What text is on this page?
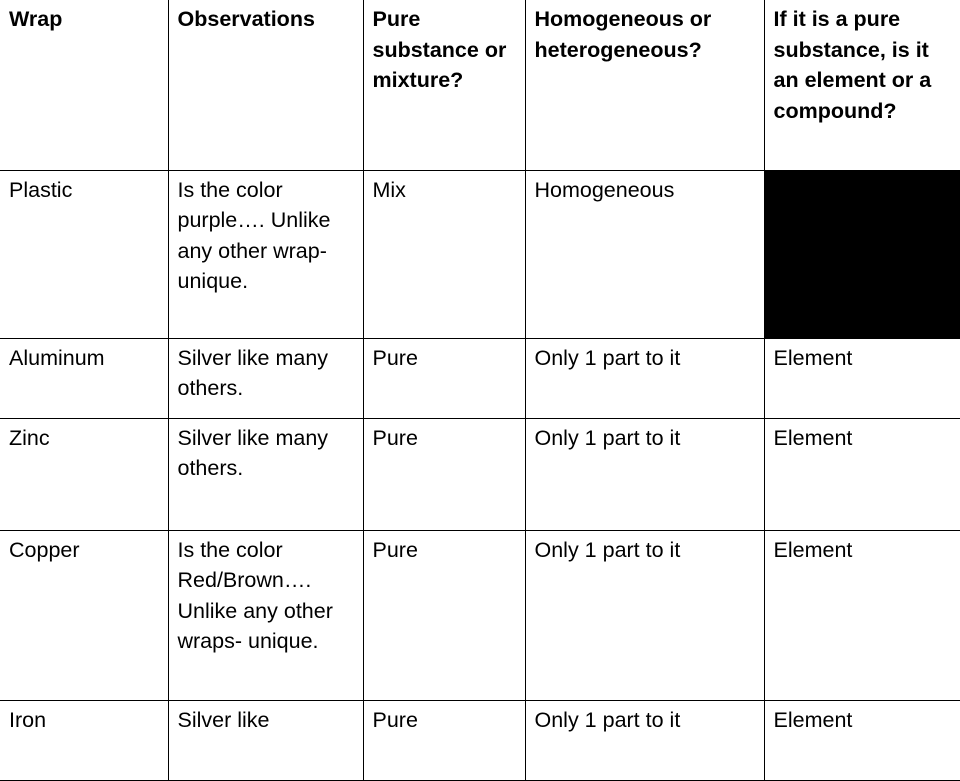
Wrap	Observations	Pure substance or mixture?	Homogeneous or heterogeneous?	If it is a pure substance, is it an element or a compound?
Plastic	Is the color purple…. Unlike any other wrap- unique.	Mix	Homogeneous	
Aluminum	Silver like many others.	Pure	Only 1 part to it	Element
Zinc	Silver like many others.	Pure	Only 1 part to it	Element
Copper	Is the color Red/Brown…. Unlike any other wraps- unique.	Pure	Only 1 part to it	Element
Iron	Silver like	Pure	Only 1 part to it	Element
